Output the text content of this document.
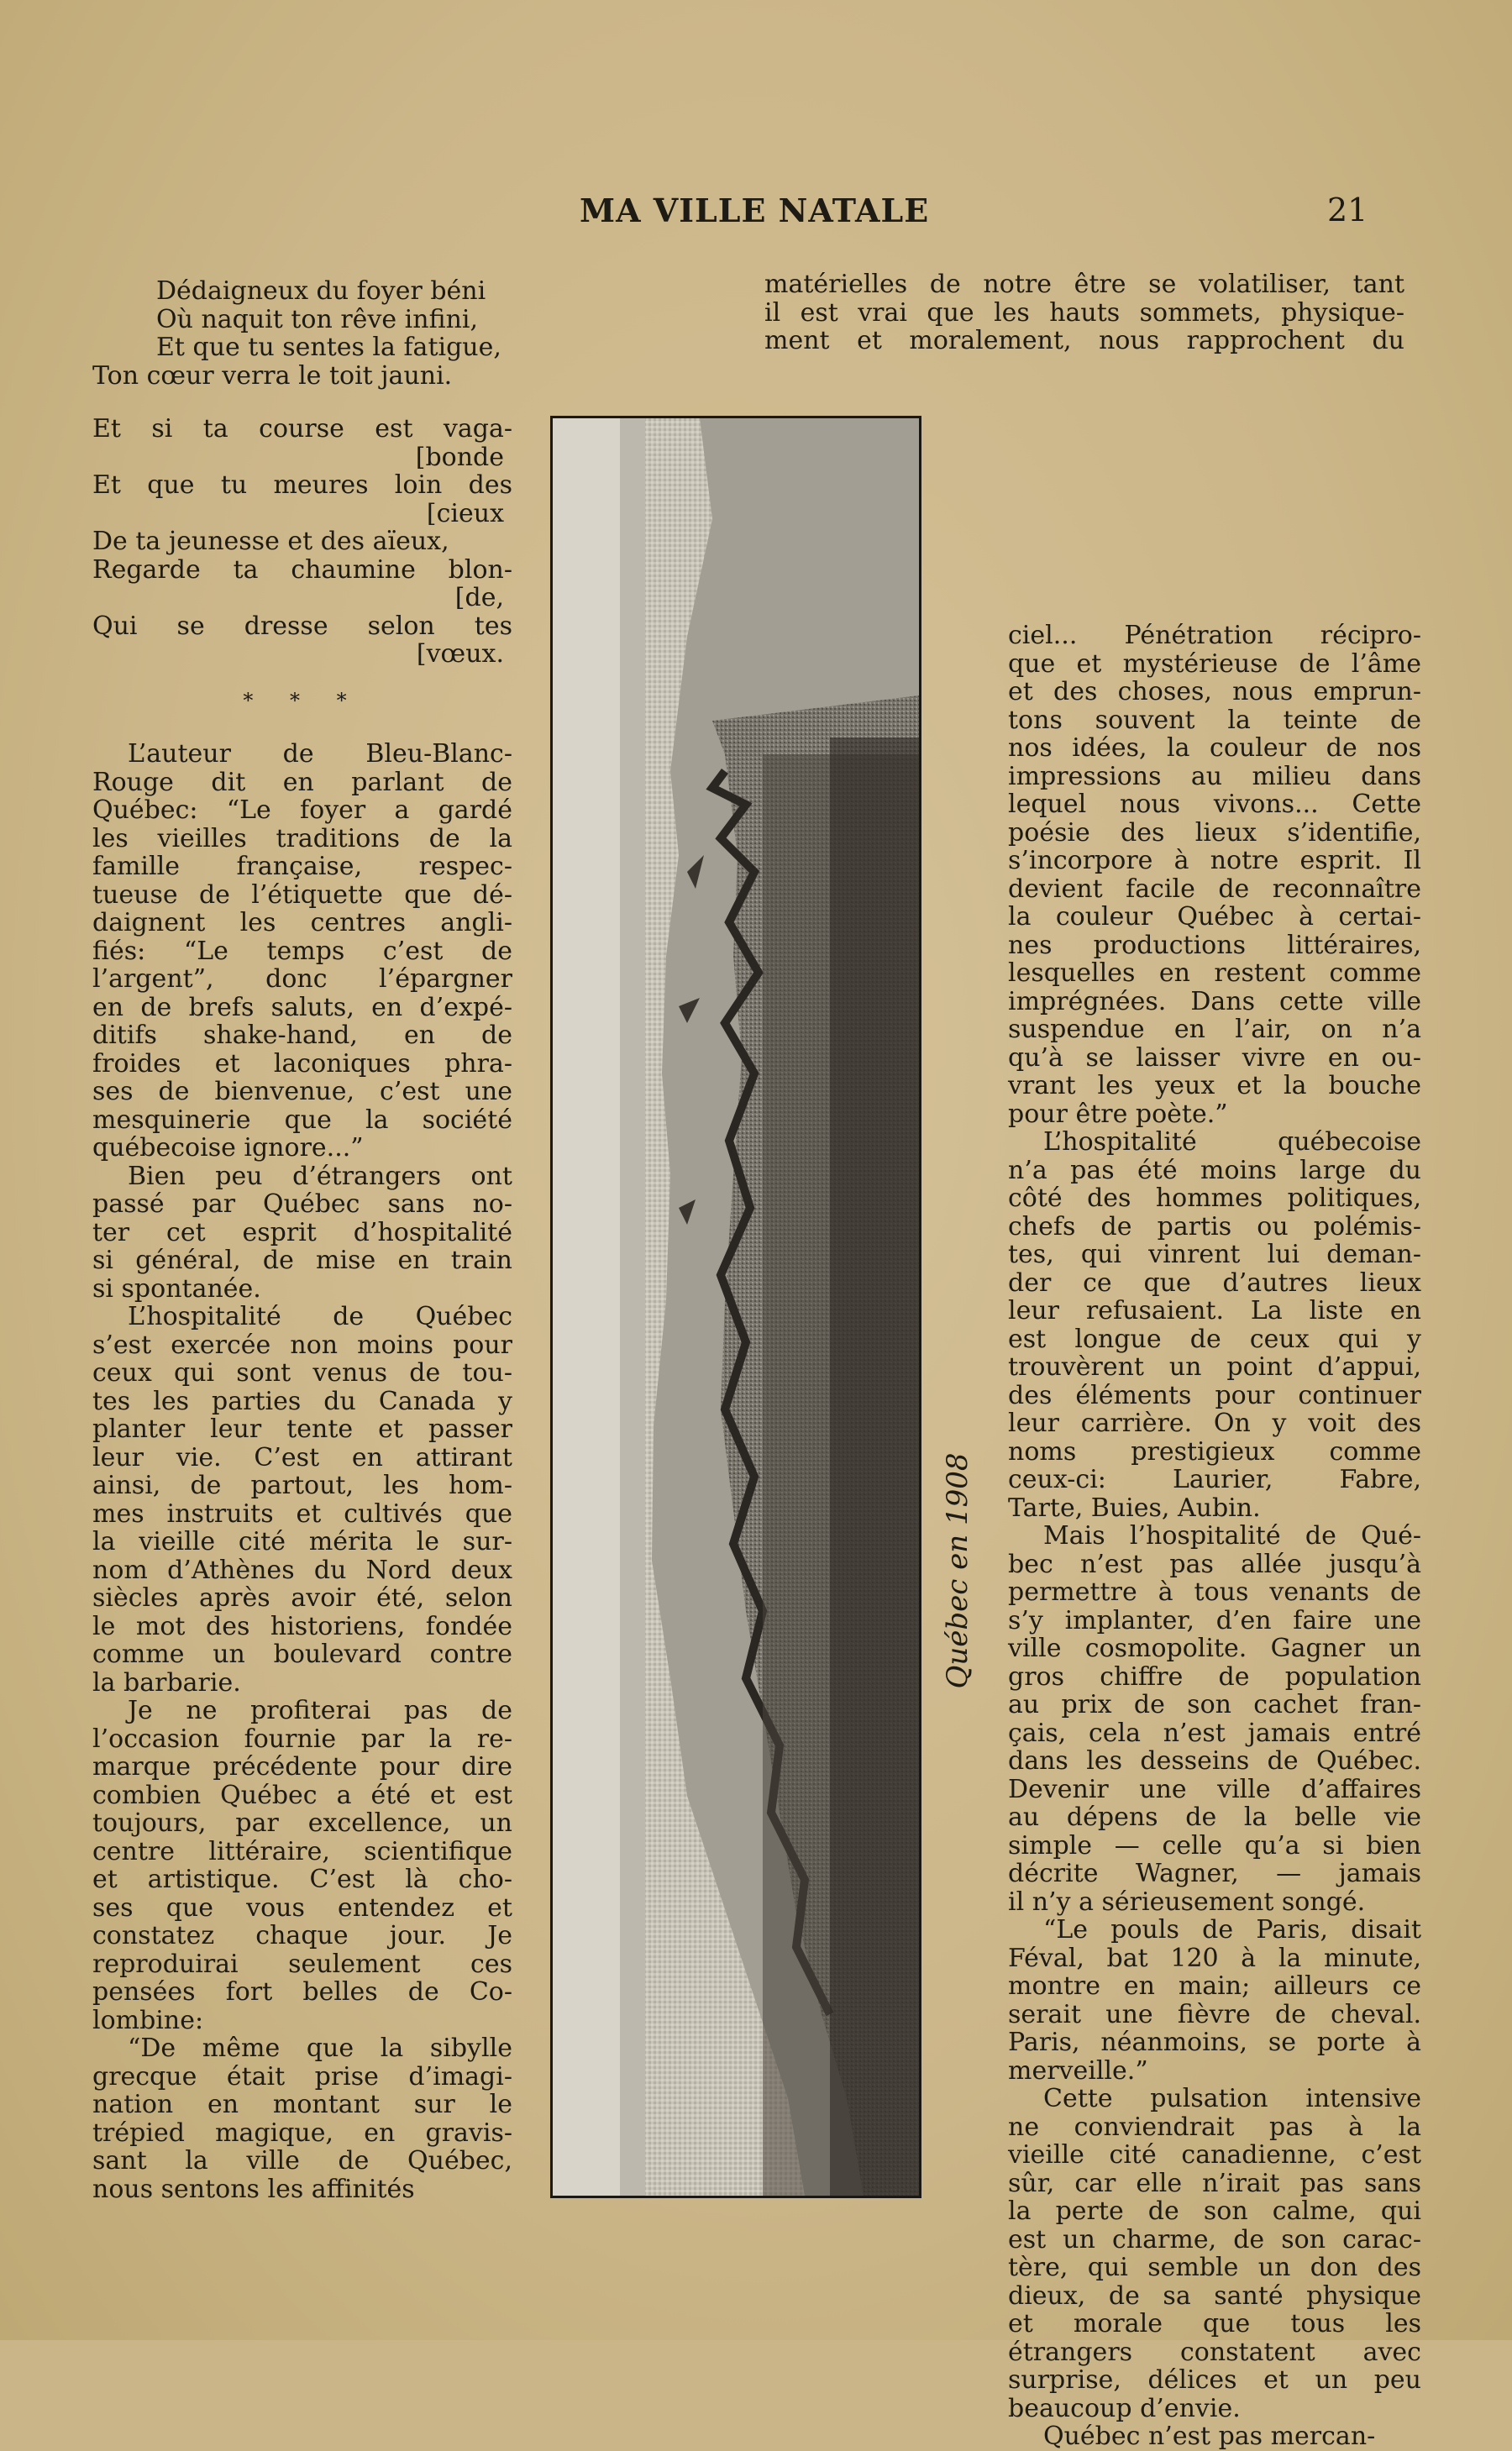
MA VILLE NATALE	21
Dédaigneux du foyer béni
Où naquit ton rêve infini,
Et que tu sentes la fatigue,
Ton cœur verra le toit jauni.
Et si ta course est vaga-
[bonde
Et que tu meures loin des
[cieux
De ta jeunesse et des aïeux,
Regarde ta chaumine blon-
[de,
Qui se dresse selon tes
[vœux.
* * *
L’auteur de Bleu-Blanc-
Rouge dit en parlant de
Québec: “Le foyer a gardé
les vieilles traditions de la
famille française, respec-
tueuse de l’étiquette que dé-
daignent les centres angli-
fiés: “Le temps c’est de
l’argent”, donc l’épargner
en de brefs saluts, en d’expé-
ditifs shake-hand, en de
froides et laconiques phra-
ses de bienvenue, c’est une
mesquinerie que la société
québecoise ignore...”
Bien peu d’étrangers ont
passé par Québec sans no-
ter cet esprit d’hospitalité
si général, de mise en train
si spontanée.
L’hospitalité de Québec
s’est exercée non moins pour
ceux qui sont venus de tou-
tes les parties du Canada y
planter leur tente et passer
leur vie. C’est en attirant
ainsi, de partout, les hom-
mes instruits et cultivés que
la vieille cité mérita le sur-
nom d’Athènes du Nord deux
siècles après avoir été, selon
le mot des historiens, fondée
comme un boulevard contre
la barbarie.
Je ne profiterai pas de
l’occasion fournie par la re-
marque précédente pour dire
combien Québec a été et est
toujours, par excellence, un
centre littéraire, scientifique
et artistique. C’est là cho-
ses que vous entendez et
constatez chaque jour. Je
reproduirai seulement ces
pensées fort belles de Co-
lombine:
“De même que la sibylle
grecque était prise d’imagi-
nation en montant sur le
trépied magique, en gravis-
sant la ville de Québec,
nous sentons les affinités
matérielles de notre être se volatiliser, tant
il est vrai que les hauts sommets, physique-
ment et moralement, nous rapprochent du
Québec en 1908
ciel... Pénétration récipro-
que et mystérieuse de l’âme
et des choses, nous emprun-
tons souvent la teinte de
nos idées, la couleur de nos
impressions au milieu dans
lequel nous vivons... Cette
poésie des lieux s’identifie,
s’incorpore à notre esprit. Il
devient facile de reconnaître
la couleur Québec à certai-
nes productions littéraires,
lesquelles en restent comme
imprégnées. Dans cette ville
suspendue en l’air, on n’a
qu’à se laisser vivre en ou-
vrant les yeux et la bouche
pour être poète.”
L’hospitalité québecoise
n’a pas été moins large du
côté des hommes politiques,
chefs de partis ou polémis-
tes, qui vinrent lui deman-
der ce que d’autres lieux
leur refusaient. La liste en
est longue de ceux qui y
trouvèrent un point d’appui,
des éléments pour continuer
leur carrière. On y voit des
noms prestigieux comme
ceux-ci: Laurier, Fabre,
Tarte, Buies, Aubin.
Mais l’hospitalité de Qué-
bec n’est pas allée jusqu’à
permettre à tous venants de
s’y implanter, d’en faire une
ville cosmopolite. Gagner un
gros chiffre de population
au prix de son cachet fran-
çais, cela n’est jamais entré
dans les desseins de Québec.
Devenir une ville d’affaires
au dépens de la belle vie
simple — celle qu’a si bien
décrite Wagner, — jamais
il n’y a sérieusement songé.
“Le pouls de Paris, disait
Féval, bat 120 à la minute,
montre en main; ailleurs ce
serait une fièvre de cheval.
Paris, néanmoins, se porte à
merveille.”
Cette pulsation intensive
ne conviendrait pas à la
vieille cité canadienne, c’est
sûr, car elle n’irait pas sans
la perte de son calme, qui
est un charme, de son carac-
tère, qui semble un don des
dieux, de sa santé physique
et morale que tous les
étrangers constatent avec
surprise, délices et un peu
beaucoup d’envie.
Québec n’est pas mercan-
